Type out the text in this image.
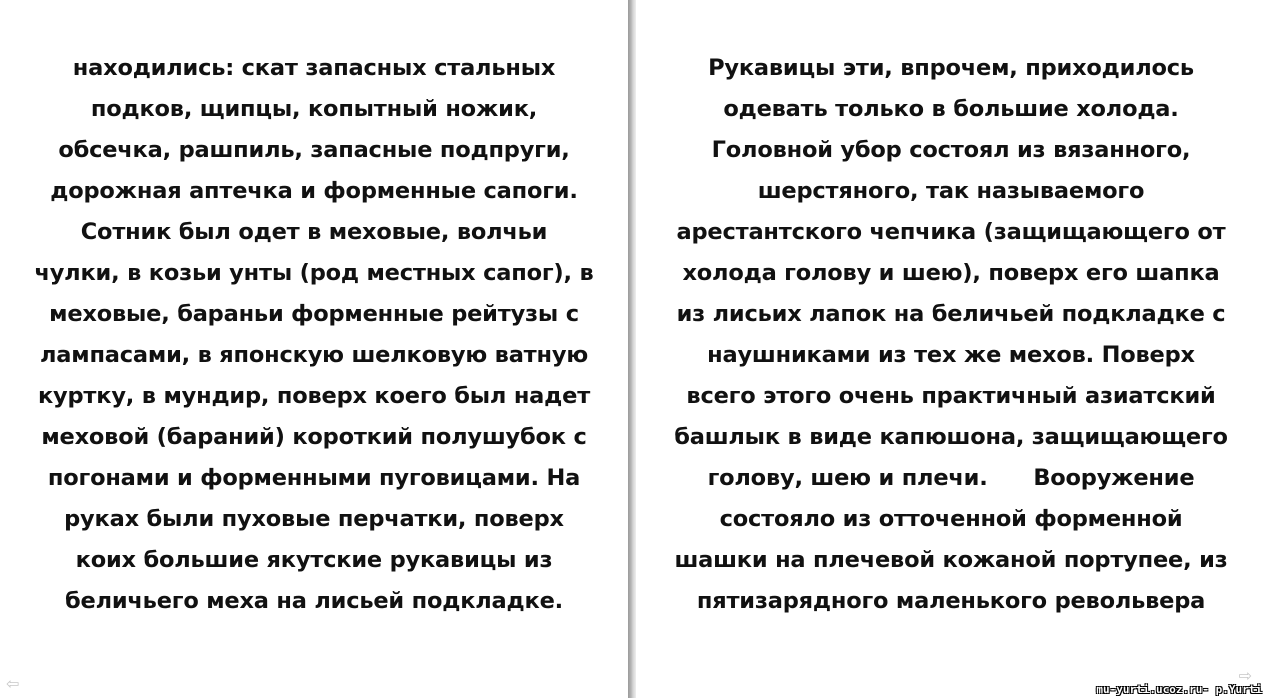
находились: скат запасных стальных
подков, щипцы, копытный ножик,
обсечка, рашпиль, запасные подпруги,
дорожная аптечка и форменные сапоги.
Сотник был одет в меховые, волчьи
чулки, в козьи унты (род местных сапог), в
меховые, бараньи форменные рейтузы с
лампасами, в японскую шелковую ватную
куртку, в мундир, поверх коего был надет
меховой (бараний) короткий полушубок с
погонами и форменными пуговицами. На
руках были пуховые перчатки, поверх
коих большие якутские рукавицы из
беличьего меха на лисьей подкладке.
Рукавицы эти, впрочем, приходилось
одевать только в большие холода.
Головной убор состоял из вязанного,
шерстяного, так называемого
арестантского чепчика (защищающего от
холода голову и шею), поверх его шапка
из лисьих лапок на беличьей подкладке с
наушниками из тех же мехов. Поверх
всего этого очень практичный азиатский
башлык в виде капюшона, защищающего
голову, шею и плечи.      Вооружение
состояло из отточенной форменной
шашки на плечевой кожаной портупее, из
пятизарядного маленького револьвера
⇦	⇨
mu-yurti.ucoz.ru- p.Yurti
